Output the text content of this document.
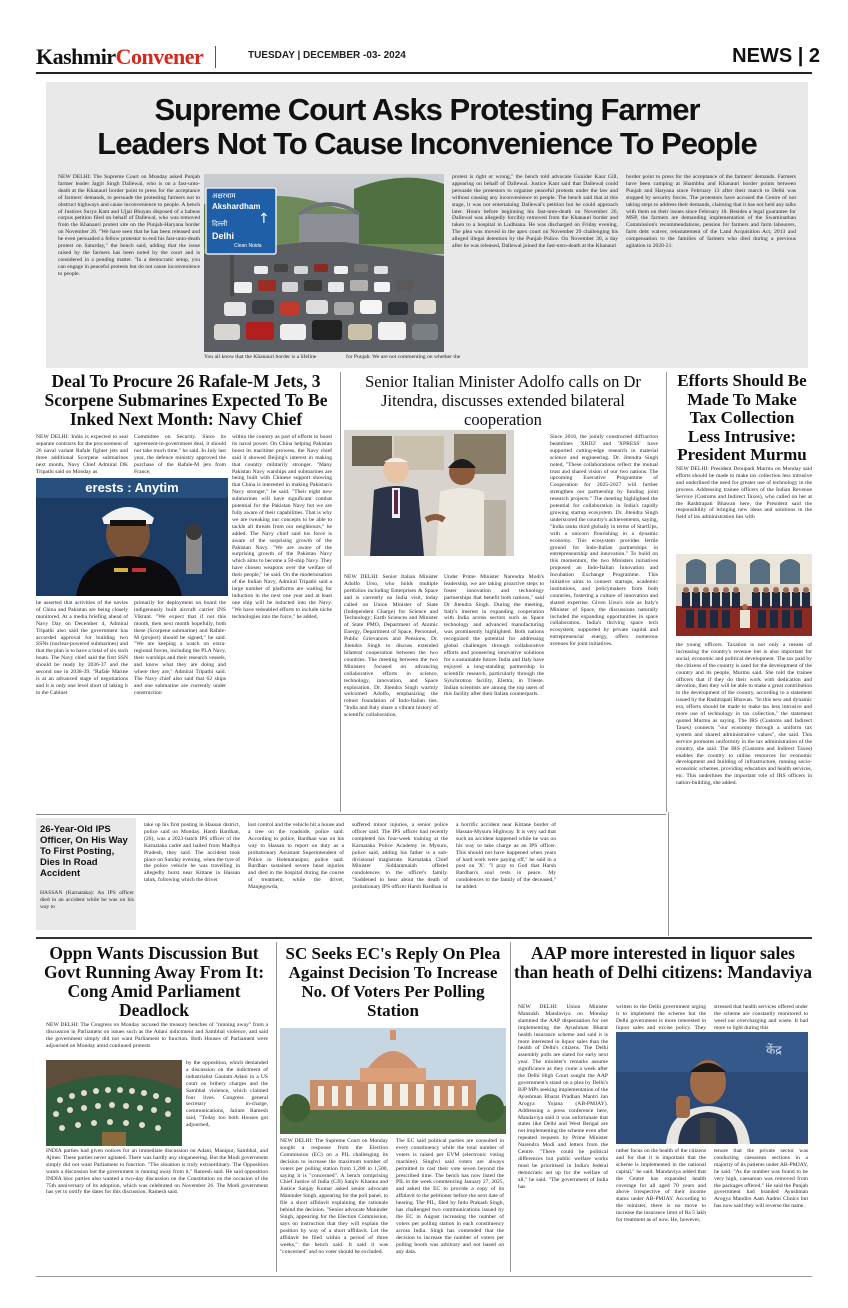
KashmirConvener	TUESDAY | DECEMBER -03- 2024	NEWS | 2
Supreme Court Asks Protesting Farmer
Leaders Not To Cause Inconvenience To People
NEW DELHI: The Supreme Court on Monday asked Punjab farmer leader Jagjit Singh Dallewal, who is on a fast-unto-death at the Khanauri border point to press for the acceptance of farmers' demands, to persuade the protesting farmers not to obstruct highways and cause inconvenience to people. A bench of Justices Surya Kant and Ujjal Bhuyan disposed of a habeas corpus petition filed on behalf of Dallewal, who was removed from the Khanauri protest site on the Punjab-Haryana border on November 26. "We have seen that he has been released and he even persuaded a fellow protestor to end his fast-unto-death protest on Saturday," the bench said, adding that the issue raised by the farmers has been noted by the court and is considered in a pending matter. "In a democratic setup, you can engage in peaceful protests but do not cause inconvenience to people.
अक्षरधाम
Akshardham
↑
दिल्ली
Delhi
Clean Noida
You all know that the Khanauri border is a lifeline	for Punjab. We are not commenting on whether the
protest is right or wrong," the bench told advocate Gunider Kaur Gill, appearing on behalf of Dallewal. Justice Kant said that Dallewal could persuade the protestors to organise peaceful protests under the law and without causing any inconvenience to people. The bench said that at this stage, it was not entertaining Dallewal's petition but he could approach later. Hours before beginning his fast-unto-death on November 26, Dallewal was allegedly forcibly removed from the Khanauri border and taken to a hospital in Ludhiana. He was discharged on Friday evening. The plea was moved in the apex court on November 29 challenging his alleged illegal detention by the Punjab Police. On November 30, a day after he was released, Dallewal joined the fast-unto-death at the Khanauri
border point to press for the acceptance of the farmers' demands. Farmers have been camping at Shambhu and Khanauri border points between Punjab and Haryana since February 13 after their march to Delhi was stopped by security forces. The protestors have accused the Centre of not taking steps to address their demands, claiming that it has not held any talks with them on their issues since February 18. Besides a legal guarantee for MSP, the farmers are demanding implementation of the Swaminathan Commission's recommendations, pension for farmers and farm labourers, farm debt waiver, reinstatement of the Land Acquisition Act, 2013 and compensation to the families of farmers who died during a previous agitation in 2020-21.
Deal To Procure 26 Rafale-M Jets, 3 Scorpene Submarines Expected To Be Inked Next Month: Navy Chief
NEW DELHI: India is expected to seal separate contracts for the procurement of 26 naval variant Rafale fighter jets and three additional Scorpene submarines next month, Navy Chief Admiral DK Tripathi said on Monday as
erests : Anytim
he asserted that activities of the navies of China and Pakistan are being closely monitored. At a media briefing ahead of Navy Day on December 4, Admiral Tripathi also said the government has accorded approval for building two SSNs (nuclear-powered submarines) and that the plan is to have a total of six such boats. The Navy chief said the first SSN should be ready by 2036-37 and the second one in 2038-39. "Rafale Marine is at an advanced stage of negotiations and it is only one level short of taking it to the Cabinet
Committee on Security. Since its agreement-in-government deal, it should not take much time," he said. In July last year, the defence ministry approved the purchase of the Rafale-M jets from France,
primarily for deployment on board the indigenously built aircraft carrier INS Vikrant. "We expect that if not this month, then next month hopefully, both these (Scorpene submarine) and Rafale-M (project) should be signed," he said. "We are keeping a watch on extra-regional forces, including the PLA Navy, their warships and their research vessels, and know what they are doing and where they are," Admiral Tripathi said. The Navy chief also said that 62 ships and one submarine are currently under construction
within the country as part of efforts to boost its naval power. On China helping Pakistan boost its maritime prowess, the Navy chief said it showed Beijing's interest in making that country militarily stronger. "Many Pakistan Navy warships and submarines are being built with Chinese support showing that China is interested in making Pakistan's Navy stronger," he said. "Their eight new submarines will have significant combat potential for the Pakistan Navy but we are fully aware of their capabilities. That is why we are tweaking our concepts to be able to tackle all threats from our neighbours," he added. The Navy chief said his force is aware of the surprising growth of the Pakistan Navy. "We are aware of the surprising growth of the Pakistan Navy which aims to become a 50-ship Navy. They have chosen weapons over the welfare of their people," he said. On the modernisation of the Indian Navy, Admiral Tripathi said a large number of platforms are waiting for induction in the next one year and at least one ship will be inducted into the Navy. "We have redoubled efforts to include niche technologies into the force," he added,
Senior Italian Minister Adolfo calls on Dr Jitendra, discusses extended bilateral cooperation
NEW DELHI: Senior Italian Minister Adolfo Urso, who holds multiple portfolios including Enterprises & Space and is currently on India visit, today called on Union Minister of State (Independent Charge) for Science and Technology; Earth Sciences and Minister of State PMO, Department of Atomic Energy, Department of Space, Personnel, Public Grievances and Pensions, Dr. Jitendra Singh to discuss extended bilateral cooperation between the two countries. The meeting between the two Ministers focused on advancing collaborative efforts in science, technology, innovation, and Space exploration. Dr. Jitendra Singh warmly welcomed Adolfo, emphasizing the robust foundation of Indo-Italian ties. "India and Italy share a vibrant history of scientific collaboration,
Under Prime Minister Narendra Modi's leadership, we are taking proactive steps to foster innovation and technology partnerships that benefit both nations," said Dr Jitendra Singh. During the meeting, Italy's interest in expanding cooperation with India across sectors such as Space technology and advanced manufacturing was prominently highlighted. Both nations recognized the potential for addressing global challenges through collaborative efforts and pioneering innovative solutions for a sustainable future. India and Italy have enjoyed a long-standing partnership in scientific research, particularly through the Synchrotron facility, Elettra, in Trieste. Indian scientists are among the top users of this facility after their Italian counterparts.
Since 2016, the jointly constructed diffraction beamlines 'XRD2' and 'XPRESS' have supported cutting-edge research in material science and engineering. Dr. Jitendra Singh noted, "These collaborations reflect the mutual trust and shared vision of our two nations. The upcoming Executive Programme of Cooperation for 2025-2027 will further strengthen our partnership by funding joint research projects." The meeting highlighted the potential for collaboration in India's rapidly growing startup ecosystem. Dr. Jitendra Singh underscored the country's achievements, saying, "India ranks third globally in terms of StartUps, with a unicorn flourishing in a dynamic economy. This ecosystem provides fertile ground for Indo-Italian partnerships in entrepreneurship and innovation." To build on this momentum, the two Ministers initiatives proposed an Indo-Italian Innovation and Incubation Exchange Programme. This initiative aims to connect startups, academic institutions, and policymakers from both countries, fostering a culture of innovation and shared expertise. Given Urso's role as Italy's Minister of Space, the discussions naturally included the expanding opportunities in space collaboration. India's thriving space tech ecosystem, supported by private capital and entrepreneurial energy, offers numerous avenues for joint initiatives.
Efforts Should Be Made To Make Tax Collection Less Intrusive: President Murmu
NEW DELHI: President Droupadi Murmu on Monday said efforts should be made to make tax collection less intrusive and underlined the need for greater use of technology in the process. Addressing trainee officers of the Indian Revenue Service (Customs and Indirect Taxes), who called on her at the Rashtrapati Bhawan here, the President said the responsibility of bringing new ideas and solutions in the field of tax administration lies with
the young officers. Taxation is not only a means of increasing the country's revenue but is also important for social, economic and political development. The tax paid by the citizens of the country is used for the development of the country and its people, Murmu said. She told the trainee officers that if they do their work with dedication and devotion, then they will be able to make a great contribution to the development of the country, according to a statement issued by the Rashtrapati Bhawan. "In this new and dynamic era, efforts should be made to make tax less intrusive and more use of technology in tax collection," the statement quoted Murmu as saying. The IRS (Customs and Indirect Taxes) connects "our economy through a uniform tax system and shared administrative values", she said. This service promotes uniformity in the tax administration of the country, she said. The IRS (Customs and Indirect Taxes) enables the country to utilise resources for economic development and building of infrastructure, running socio-economic schemes, providing education and health services, etc. This underlines the important role of IRS officers in nation-building, she added.
26-Year-Old IPS Officer, On His Way To First Posting, Dies In Road Accident
HASSAN (Karnataka): An IPS officer died in an accident while he was on his way to
take up his first posting in Hassan district, police said on Monday. Harsh Bardhan, (26), was a 2023-batch IPS officer of the Karnataka cadre and hailed from Madhya Pradesh, they said. The accident took place on Sunday evening, when the tyre of the police vehicle he was travelling in allegedly burst near Kittane in Hassan taluk, following which the driver
lost control and the vehicle hit a house and a tree on the roadside, police said. According to police, Bardhan was on his way to Hassan to report on duty as a probationary Assistant Superintendent of Police in Holenarasipur, police said. Bardhan sustained severe head injuries and died in the hospital during the course of treatment, while the driver, Manjegowda,
suffered minor injuries, a senior police officer said. The IPS officer had recently completed his four-week training at the Karnataka Police Academy in Mysuru, police said, adding his father is a sub-divisional magistrate. Karnataka Chief Minister Siddaramaiah offered condolences to the officer's family. "Saddened to hear about the death of probationary IPS officer Harsh Bardhan in
a horrific accident near Kittane border of Hassan-Mysuru Highway. It is very sad that such an accident happened while he was on his way to take charge as an IPS officer. This should not have happened when years of hard work were paying off," he said in a post on 'X'. "I pray to God that Harsh Bardhan's soul rests in peace. My condolences to the family of the deceased," he added.
Oppn Wants Discussion But Govt Running Away From It: Cong Amid Parliament Deadlock
NEW DELHI: The Congress on Monday accused the treasury benches of "running away" from a discussion in Parliament on issues such as the Adani indictment and Sambhal violence, and said the government simply did not want Parliament to function. Both Houses of Parliament were adjourned on Monday amid continued protests
by the opposition, which demanded a discussion on the indictment of industrialist Gautam Adani in a US court on bribery charges and the Sambhal violence, which claimed four lives. Congress general secretary in-charge, communications, Jairam Ramesh said, "Today too both Houses got adjourned,
INDIA parties had given notices for an immediate discussion on Adani, Manipur, Sambhal, and Ajmer. These parties never agitated. There was hardly any sloganeering. But the Modi government simply did not want Parliament to function. "The situation is truly extraordinary. The Opposition wants a discussion but the government is running away from it," Ramesh said. He said opposition INDIA bloc parties also wanted a two-day discussion on the Constitution on the occasion of the 75th anniversary of its adoption, which was celebrated on November 26. The Modi government has yet to notify the dates for this discussion, Ramesh said.
SC Seeks EC's Reply On Plea Against Decision To Increase No. Of Voters Per Polling Station
NEW DELHI: The Supreme Court on Monday sought a response from the Election Commission (EC) on a PIL challenging its decision to increase the maximum number of voters per polling station from 1,200 to 1,500, saying it is "concerned". A bench comprising Chief Justice of India (CJI) Sanjiv Khanna and Justice Sanjay Kumar asked senior advocate Maninder Singh, appearing for the poll panel, to file a short affidavit explaining the rationale behind the decision. "Senior advocate Maninder Singh, appearing for the Election Commission, says on instruction that they will explain the position by way of a short affidavit. Let the affidavit be filed within a period of three weeks," the bench said. It said it was "concerned" and no voter should be excluded.
The EC said political parties are consulted in every constituency while the total number of voters is raised per EVM (electronic voting machine). Singhvi said voters are always permitted to cast their vote seven beyond the prescribed time. The bench has now listed the PIL in the week commencing January 27, 2025, and asked the EC to provide a copy of its affidavit to the petitioner before the next date of hearing. The PIL, filed by Indu Prakash Singh, has challenged two communications issued by the EC in August increasing the number of voters per polling station in each constituency across India. Singh has contended that the decision to increase the number of voters per polling booth was arbitrary and not based on any data.
AAP more interested in liquor sales than heath of Delhi citizens: Mandaviya
NEW DELHI: Union Minister Mansukh Mandaviya on Monday slammed the AAP dispensation for not implementing the Ayushman Bharat health insurance scheme and said it is more interested in liquor sales than the health of Delhi's citizens. The Delhi assembly polls are slated for early next year. The minister's remarks assume significance as they come a week after the Delhi High Court sought the AAP government's stand on a plea by Delhi's BJP MPs seeking implementation of the Ayushman Bharat Pradhan Mantri Jan Arogya Yojana (AB-PMJAY). Addressing a press conference here, Mandaviya said it was unfortunate that states like Delhi and West Bengal are not implementing the scheme even after repeated requests by Prime Minister Narendra Modi and letters from the Centre. "There could be political differences but public welfare works must be prioritised in India's federal democratic set up for the welfare of all," he said. "The government of India has
written to the Delhi government urging it to implement the scheme but the Delhi government is more interested in liquor sales and excise policy. They
stressed that health services offered under the scheme are constantly monitored to weed out overcharging and waste. It had more to light during this
केंद्र
rather focus on the health of the citizens and for that it is important that the scheme is implemented in the national capital," he said. Mandaviya added that the Centre has expanded health coverage for all aged 70 years and above irrespective of their income status under AB-PMJAY. According to the minister, there is no move to increase the insurance limit of Rs 5 lakh for treatment as of now. He, however,
tenure that the private sector was conducting caesarean sections in a majority of its patients under AB-PMJAY, he said. "As the number was found to be very high, caesarean was removed from the packages offered." He said the Punjab government had branded Ayushman Arogya Mandirs Aam Aadmi Clinics but has now said they will reverse the name.
